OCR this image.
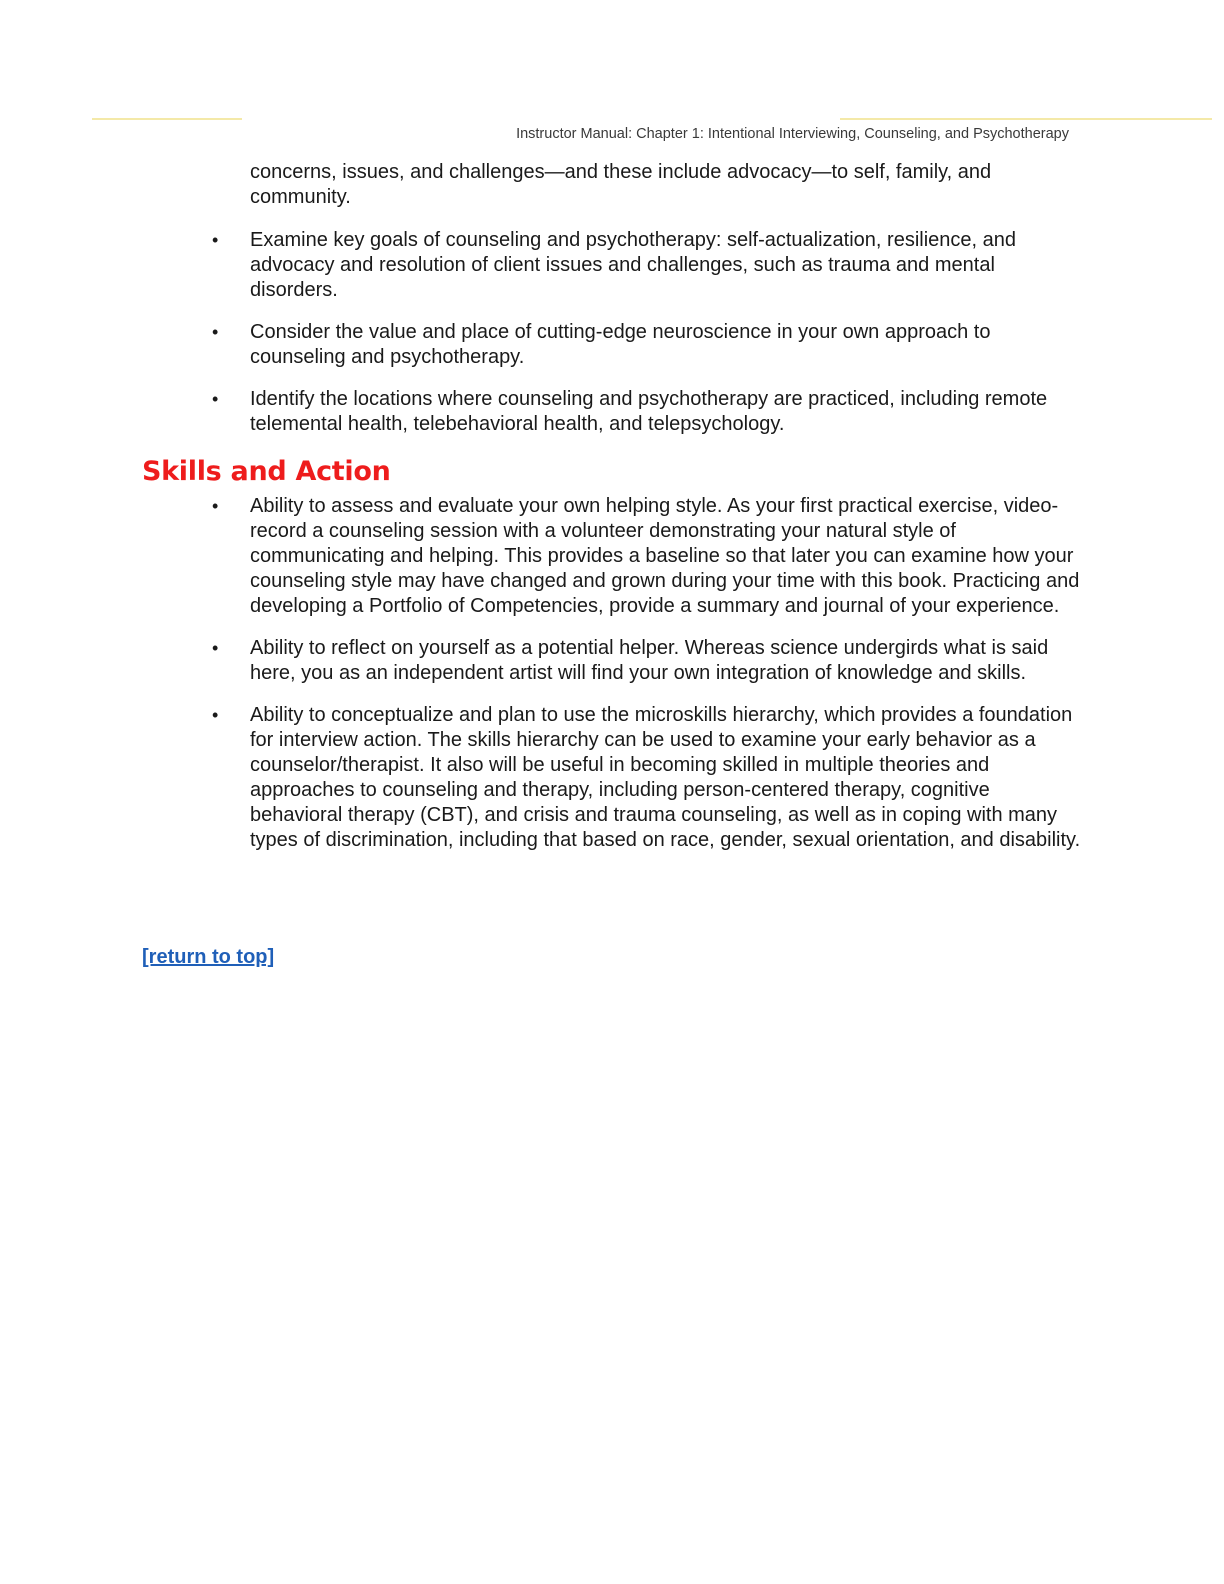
Instructor Manual: Chapter 1: Intentional Interviewing, Counseling, and Psychotherapy

concerns, issues, and challenges—and these include advocacy—to self, family, and community.

•	Examine key goals of counseling and psychotherapy: self-actualization, resilience, and advocacy and resolution of client issues and challenges, such as trauma and mental disorders.
•	Consider the value and place of cutting-edge neuroscience in your own approach to counseling and psychotherapy.
•	Identify the locations where counseling and psychotherapy are practiced, including remote telemental health, telebehavioral health, and telepsychology.
Skills and Action
•	Ability to assess and evaluate your own helping style. As your first practical exercise, video-record a counseling session with a volunteer demonstrating your natural style of communicating and helping. This provides a baseline so that later you can examine how your counseling style may have changed and grown during your time with this book. Practicing and developing a Portfolio of Competencies, provide a summary and journal of your experience.
•	Ability to reflect on yourself as a potential helper. Whereas science undergirds what is said here, you as an independent artist will find your own integration of knowledge and skills.
•	Ability to conceptualize and plan to use the microskills hierarchy, which provides a foundation for interview action. The skills hierarchy can be used to examine your early behavior as a counselor/therapist. It also will be useful in becoming skilled in multiple theories and approaches to counseling and therapy, including person-centered therapy, cognitive behavioral therapy (CBT), and crisis and trauma counseling, as well as in coping with many types of discrimination, including that based on race, gender, sexual orientation, and disability.
[return to top]
